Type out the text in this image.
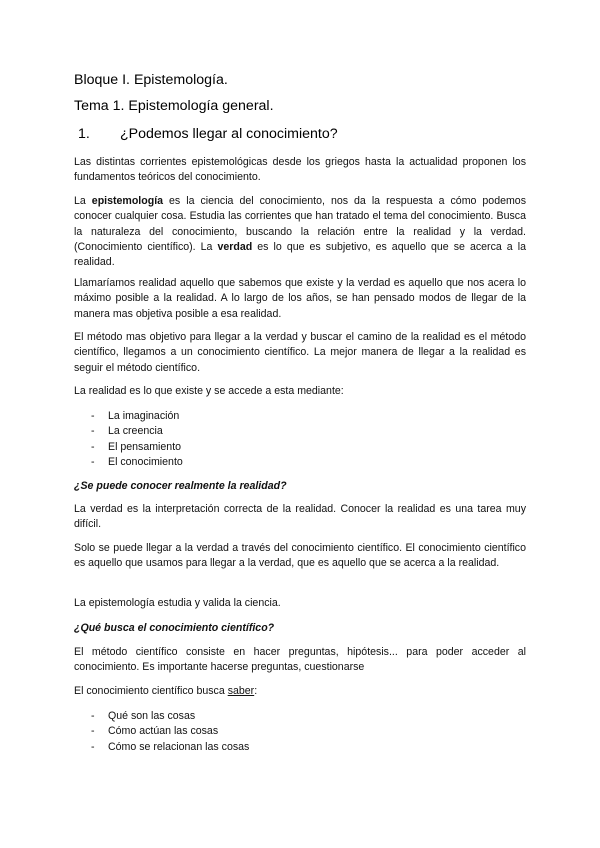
Bloque I. Epistemología.
Tema 1. Epistemología general.
1. ¿Podemos llegar al conocimiento?
Las distintas corrientes epistemológicas desde los griegos hasta la actualidad proponen los fundamentos teóricos del conocimiento.
La epistemología es la ciencia del conocimiento, nos da la respuesta a cómo podemos conocer cualquier cosa. Estudia las corrientes que han tratado el tema del conocimiento. Busca la naturaleza del conocimiento, buscando la relación entre la realidad y la verdad. (Conocimiento científico). La verdad es lo que es subjetivo, es aquello que se acerca a la realidad.
Llamaríamos realidad aquello que sabemos que existe y la verdad es aquello que nos acera lo máximo posible a la realidad. A lo largo de los años, se han pensado modos de llegar de la manera mas objetiva posible a esa realidad.
El método mas objetivo para llegar a la verdad y buscar el camino de la realidad es el método científico, llegamos a un conocimiento científico. La mejor manera de llegar a la realidad es seguir el método científico.
La realidad es lo que existe y se accede a esta mediante:
- La imaginación
- La creencia
- El pensamiento
- El conocimiento
¿Se puede conocer realmente la realidad?
La verdad es la interpretación correcta de la realidad. Conocer la realidad es una tarea muy difícil.
Solo se puede llegar a la verdad a través del conocimiento científico. El conocimiento científico es aquello que usamos para llegar a la verdad, que es aquello que se acerca a la realidad.
La epistemología estudia y valida la ciencia.
¿Qué busca el conocimiento científico?
El método científico consiste en hacer preguntas, hipótesis... para poder acceder al conocimiento. Es importante hacerse preguntas, cuestionarse
El conocimiento científico busca saber:
- Qué son las cosas
- Cómo actúan las cosas
- Cómo se relacionan las cosas
